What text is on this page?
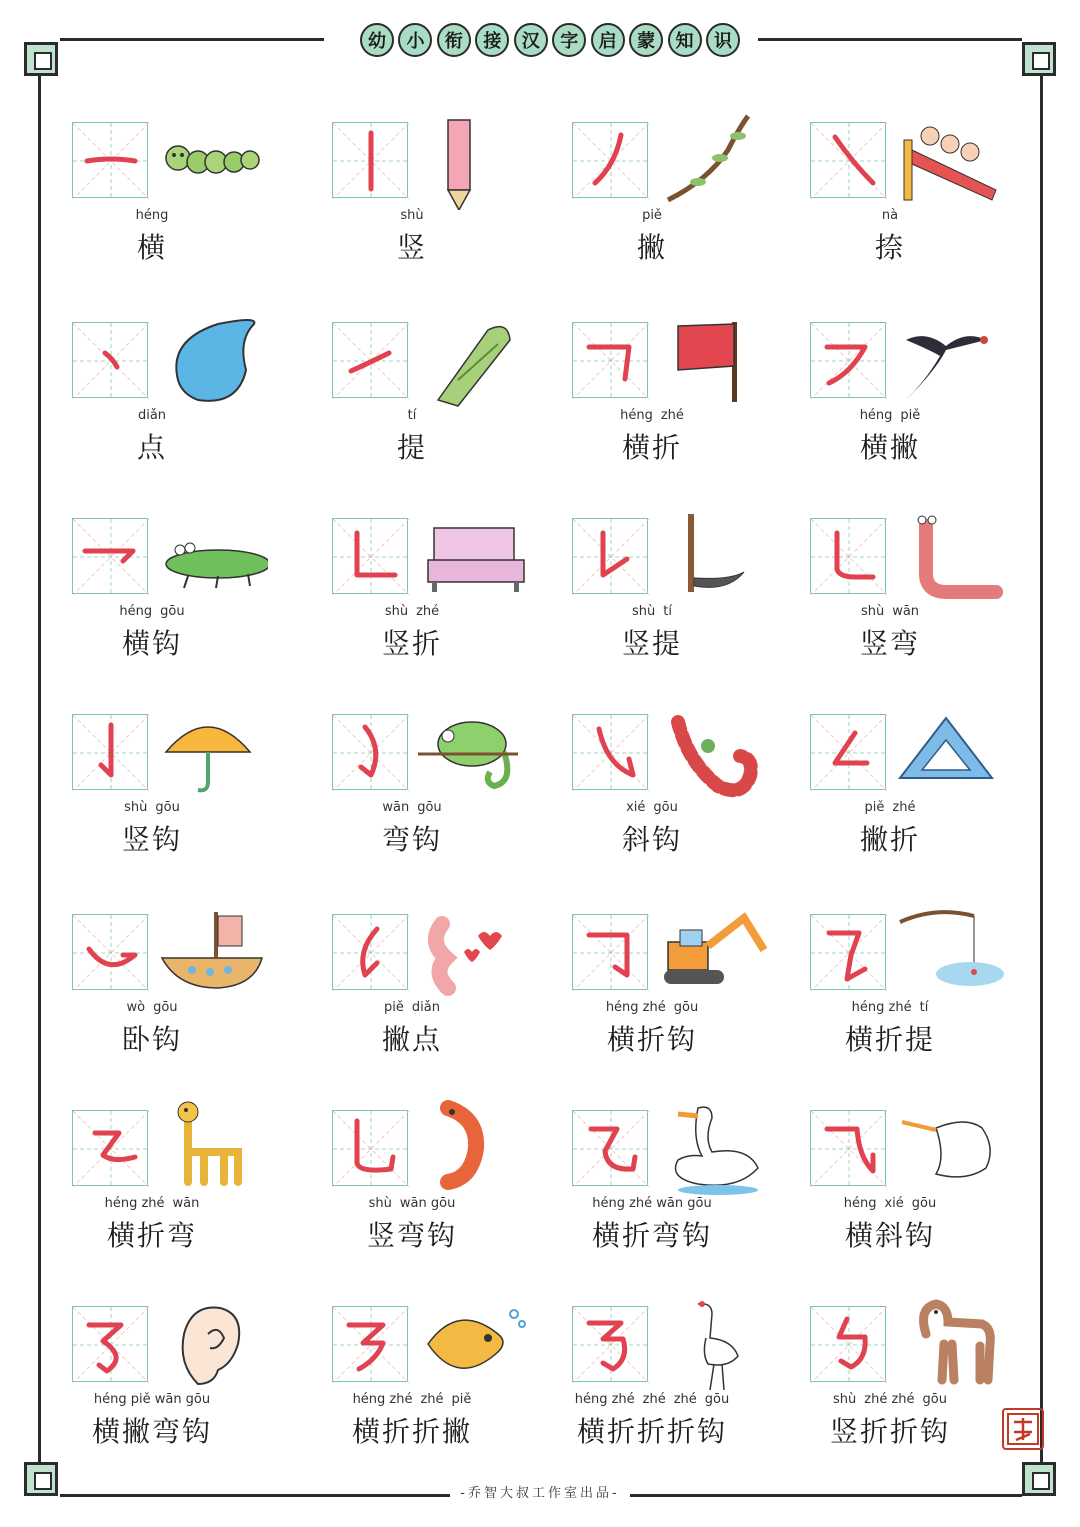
幼	小	衔	接	汉	字	启	蒙	知	识
héng
横
shù
竖
piě
撇
nà
捺
diǎn
点
tí
提
héng zhé
横折
héng piě
横撇
héng gōu
横钩
shù zhé
竖折
shù tí
竖提
shù wān
竖弯
shù gōu
竖钩
wān gōu
弯钩
xié gōu
斜钩
piě zhé
撇折
wò gōu
卧钩
piě diǎn
撇点
héng zhé gōu
横折钩
héng zhé tí
横折提
héng zhé wān
横折弯
shù wān gōu
竖弯钩
héng zhé wān gōu
横折弯钩
héng xié gōu
横斜钩
héng piě wān gōu
横撇弯钩
héng zhé zhé piě
横折折撇
héng zhé zhé zhé gōu
横折折折钩
shù zhé zhé gōu
竖折折钩
-乔智大叔工作室出品-
